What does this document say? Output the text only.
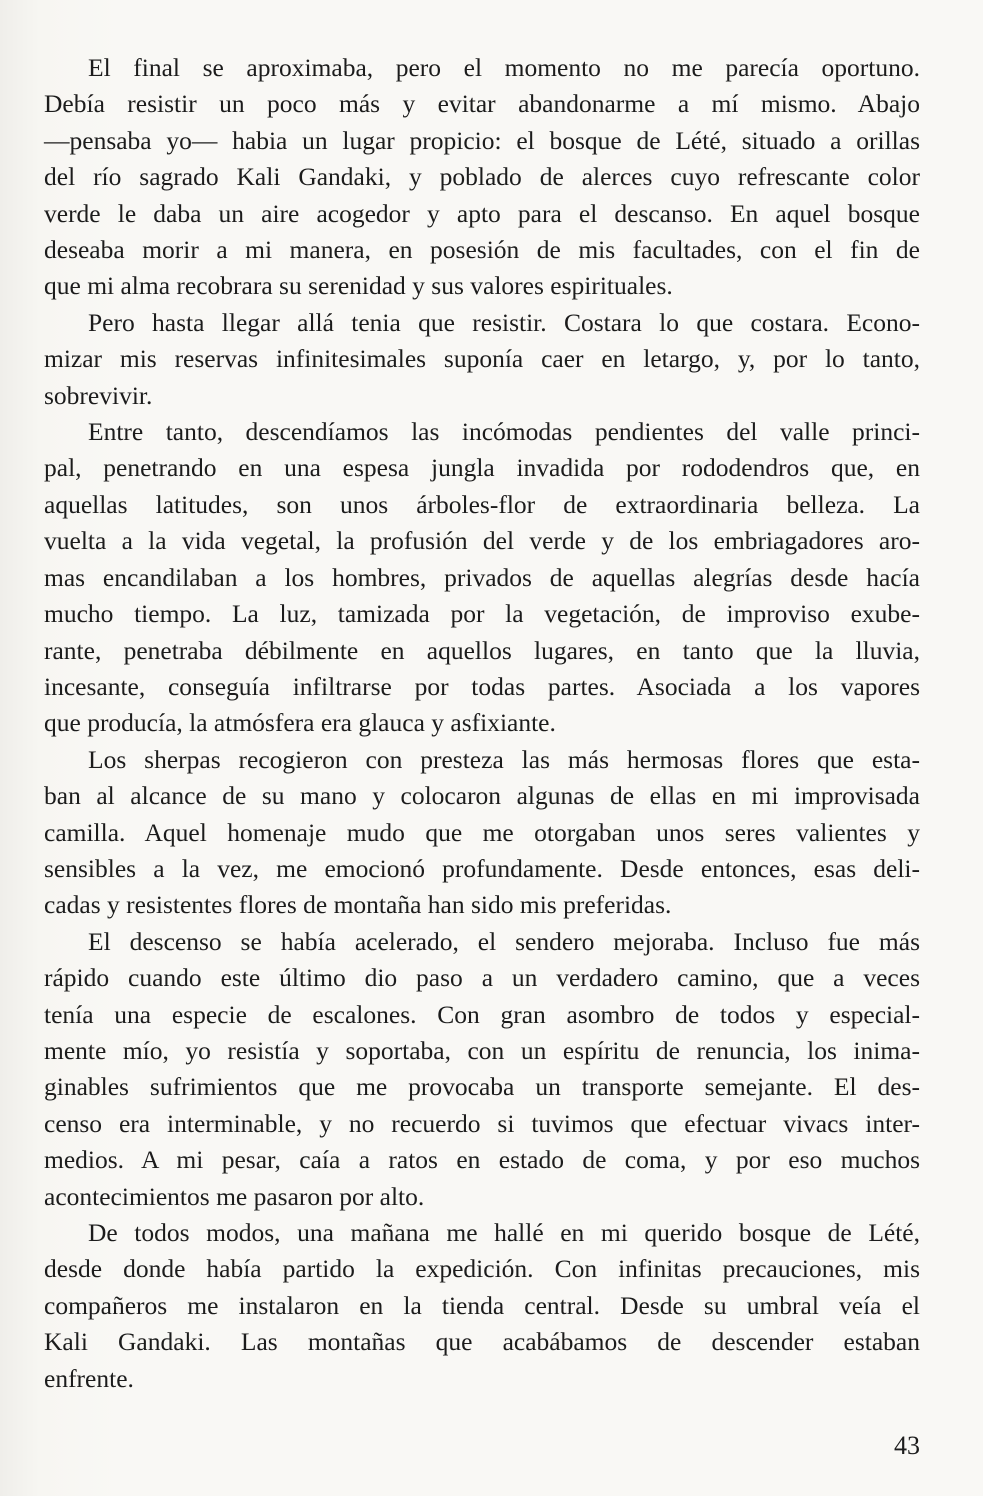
El final se aproximaba, pero el momento no me parecía oportuno.
Debía resistir un poco más y evitar abandonarme a mí mismo. Abajo
—pensaba yo— habia un lugar propicio: el bosque de Lété, situado a orillas
del río sagrado Kali Gandaki, y poblado de alerces cuyo refrescante color
verde le daba un aire acogedor y apto para el descanso. En aquel bosque
deseaba morir a mi manera, en posesión de mis facultades, con el fin de
que mi alma recobrara su serenidad y sus valores espirituales.

Pero hasta llegar allá tenia que resistir. Costara lo que costara. Econo-
mizar mis reservas infinitesimales suponía caer en letargo, y, por lo tanto,
sobrevivir.

Entre tanto, descendíamos las incómodas pendientes del valle princi-
pal, penetrando en una espesa jungla invadida por rododendros que, en
aquellas latitudes, son unos árboles-flor de extraordinaria belleza. La
vuelta a la vida vegetal, la profusión del verde y de los embriagadores aro-
mas encandilaban a los hombres, privados de aquellas alegrías desde hacía
mucho tiempo. La luz, tamizada por la vegetación, de improviso exube-
rante, penetraba débilmente en aquellos lugares, en tanto que la lluvia,
incesante, conseguía infiltrarse por todas partes. Asociada a los vapores
que producía, la atmósfera era glauca y asfixiante.

Los sherpas recogieron con presteza las más hermosas flores que esta-
ban al alcance de su mano y colocaron algunas de ellas en mi improvisada
camilla. Aquel homenaje mudo que me otorgaban unos seres valientes y
sensibles a la vez, me emocionó profundamente. Desde entonces, esas deli-
cadas y resistentes flores de montaña han sido mis preferidas.

El descenso se había acelerado, el sendero mejoraba. Incluso fue más
rápido cuando este último dio paso a un verdadero camino, que a veces
tenía una especie de escalones. Con gran asombro de todos y especial-
mente mío, yo resistía y soportaba, con un espíritu de renuncia, los inima-
ginables sufrimientos que me provocaba un transporte semejante. El des-
censo era interminable, y no recuerdo si tuvimos que efectuar vivacs inter-
medios. A mi pesar, caía a ratos en estado de coma, y por eso muchos
acontecimientos me pasaron por alto.

De todos modos, una mañana me hallé en mi querido bosque de Lété,
desde donde había partido la expedición. Con infinitas precauciones, mis
compañeros me instalaron en la tienda central. Desde su umbral veía el
Kali Gandaki. Las montañas que acabábamos de descender estaban
enfrente.

43
